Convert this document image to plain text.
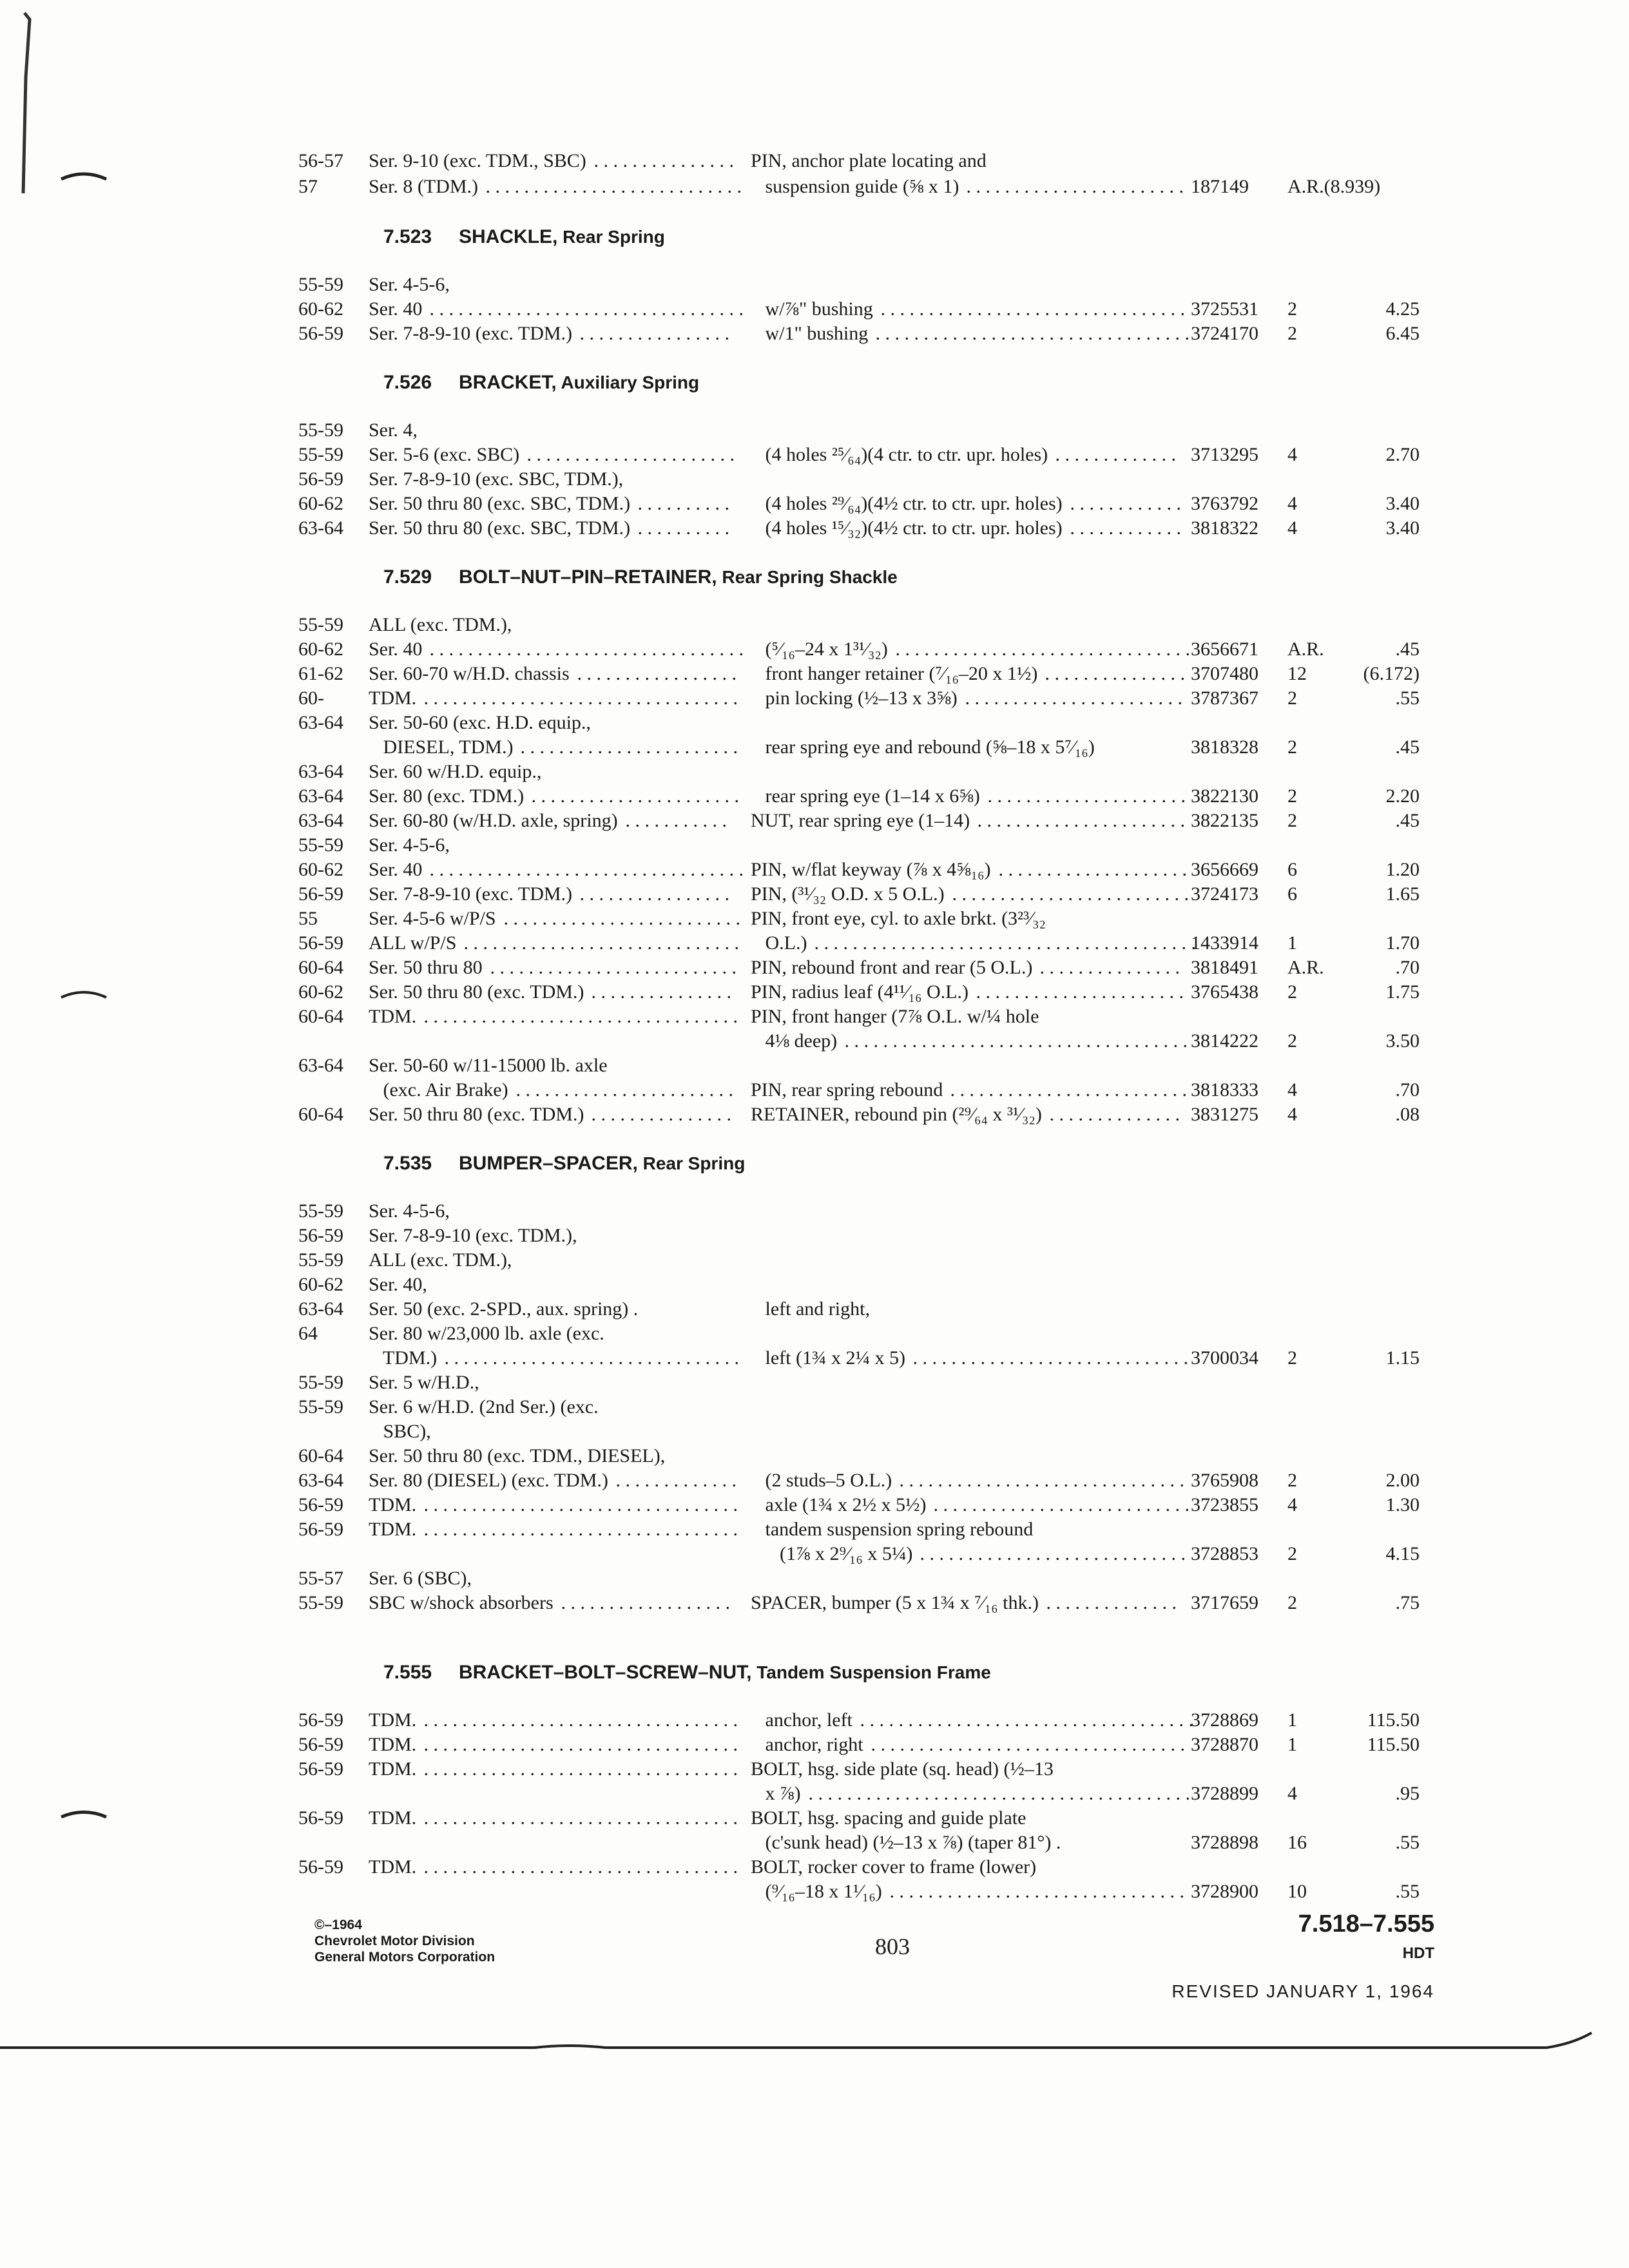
56-57 Ser. 9-10 (exc. TDM., SBC)	PIN, anchor plate locating and
. . . . . . . . . . . . . . .
57	Ser. 8 (TDM.)	suspension guide (⅝ x 1)	187149 A.R.(8.939)
. . . . . . . . . . . . . . . . . . . . . . . . . . .	. . . . . . . . . . . . . . . . . . . . . . .
7.523 SHACKLE, Rear Spring
55-59 Ser. 4-5-6,
60-62 Ser. 40	w/⅞" bushing	3725531 2	4.25
. . . . . . . . . . . . . . . . . . . . . . . . . . . . . . . . .	. . . . . . . . . . . . . . . . . . . . . . . . . . . . . . . .
56-59 Ser. 7-8-9-10 (exc. TDM.)	w/1" bushing	3724170 2	6.45
. . . . . . . . . . . . . . . .	. . . . . . . . . . . . . . . . . . . . . . . . . . . . . . . . .
7.526 BRACKET, Auxiliary Spring
55-59 Ser. 4,
55-59 Ser. 5-6 (exc. SBC)	(4 holes ²⁵⁄₆₄)(4 ctr. to ctr. upr. holes)	3713295 4	2.70
. . . . . . . . . . . . . . . . . . . . . .	. . . . . . . . . . . . .
56-59 Ser. 7-8-9-10 (exc. SBC, TDM.),
60-62 Ser. 50 thru 80 (exc. SBC, TDM.)	(4 holes ²⁹⁄₆₄)(4½ ctr. to ctr. upr. holes)	3763792 4	3.40
. . . . . . . . . .	. . . . . . . . . . . .
63-64 Ser. 50 thru 80 (exc. SBC, TDM.)	(4 holes ¹⁵⁄₃₂)(4½ ctr. to ctr. upr. holes)	3818322 4	3.40
. . . . . . . . . .	. . . . . . . . . . . .
7.529 BOLT–NUT–PIN–RETAINER, Rear Spring Shackle
55-59 ALL (exc. TDM.),
60-62 Ser. 40	(⁵⁄₁₆–24 x 1³¹⁄₃₂)	3656671 A.R.	.45
. . . . . . . . . . . . . . . . . . . . . . . . . . . . . . . . .	. . . . . . . . . . . . . . . . . . . . . . . . . . . . . . .
61-62 Ser. 60-70 w/H.D. chassis	front hanger retainer (⁷⁄₁₆–20 x 1½)	3707480 12	(6.172)
. . . . . . . . . . . . . . . . .	. . . . . . . . . . . . . . .
60- TDM.	pin locking (½–13 x 3⅝)	3787367 2	.55
. . . . . . . . . . . . . . . . . . . . . . . . . . . . . . . . .	. . . . . . . . . . . . . . . . . . . . . . .
63-64 Ser. 50-60 (exc. H.D. equip.,
DIESEL, TDM.)	rear spring eye and rebound (⅝–18 x 5⁷⁄₁₆)	3818328 2	.45
. . . . . . . . . . . . . . . . . . . . . . .
63-64 Ser. 60 w/H.D. equip.,
63-64 Ser. 80 (exc. TDM.)	rear spring eye (1–14 x 6⅝)	3822130 2	2.20
. . . . . . . . . . . . . . . . . . . . . .	. . . . . . . . . . . . . . . . . . . . .
63-64 Ser. 60-80 (w/H.D. axle, spring)	NUT, rear spring eye (1–14)	3822135 2	.45
. . . . . . . . . . .	. . . . . . . . . . . . . . . . . . . . . .
55-59 Ser. 4-5-6,
60-62 Ser. 40	PIN, w/flat keyway (⅞ x 4⅝₁₆)	3656669 6	1.20
. . . . . . . . . . . . . . . . . . . . . . . . . . . . . . . . .	. . . . . . . . . . . . . . . . . . . .
56-59 Ser. 7-8-9-10 (exc. TDM.)	PIN, (³¹⁄₃₂ O.D. x 5 O.L.)	3724173 6	1.65
. . . . . . . . . . . . . . . .	. . . . . . . . . . . . . . . . . . . . . . . . .
55	Ser. 4-5-6 w/P/S	PIN, front eye, cyl. to axle brkt. (3²³⁄₃₂
. . . . . . . . . . . . . . . . . . . . . . . . .
56-59 ALL w/P/S	O.L.)	1433914 1	1.70
. . . . . . . . . . . . . . . . . . . . . . . . . . . . .	. . . . . . . . . . . . . . . . . . . . . . . . . . . . . . . . . . . . . . . .
60-64 Ser. 50 thru 80	PIN, rebound front and rear (5 O.L.)	3818491 A.R.	.70
. . . . . . . . . . . . . . . . . . . . . . . . . .	. . . . . . . . . . . . . . .
60-62 Ser. 50 thru 80 (exc. TDM.)	PIN, radius leaf (4¹¹⁄₁₆ O.L.)	3765438 2	1.75
. . . . . . . . . . . . . . .	. . . . . . . . . . . . . . . . . . . . . .
60-64 TDM.	PIN, front hanger (7⅞ O.L. w/¼ hole
. . . . . . . . . . . . . . . . . . . . . . . . . . . . . . . . .
4⅛ deep)	3814222 2	3.50
. . . . . . . . . . . . . . . . . . . . . . . . . . . . . . . . . . . .
63-64 Ser. 50-60 w/11-15000 lb. axle
(exc. Air Brake)	PIN, rear spring rebound	3818333 4	.70
. . . . . . . . . . . . . . . . . . . . . . .	. . . . . . . . . . . . . . . . . . . . . . . . .
60-64 Ser. 50 thru 80 (exc. TDM.)	RETAINER, rebound pin (²⁹⁄₆₄ x ³¹⁄₃₂)	3831275 4	.08
. . . . . . . . . . . . . . .	. . . . . . . . . . . . . .
7.535 BUMPER–SPACER, Rear Spring
55-59 Ser. 4-5-6,
56-59 Ser. 7-8-9-10 (exc. TDM.),
55-59 ALL (exc. TDM.),
60-62 Ser. 40,
63-64 Ser. 50 (exc. 2-SPD., aux. spring) .	left and right,
64	Ser. 80 w/23,000 lb. axle (exc.
TDM.)	left (1¾ x 2¼ x 5)	3700034 2	1.15
. . . . . . . . . . . . . . . . . . . . . . . . . . . . . . .	. . . . . . . . . . . . . . . . . . . . . . . . . . . . .
55-59 Ser. 5 w/H.D.,
55-59 Ser. 6 w/H.D. (2nd Ser.) (exc.
SBC),
60-64 Ser. 50 thru 80 (exc. TDM., DIESEL),
63-64 Ser. 80 (DIESEL) (exc. TDM.)	(2 studs–5 O.L.)	3765908 2	2.00
. . . . . . . . . . . . .	. . . . . . . . . . . . . . . . . . . . . . . . . . . . . .
56-59 TDM.	axle (1¾ x 2½ x 5½)	3723855 4	1.30
. . . . . . . . . . . . . . . . . . . . . . . . . . . . . . . . .	. . . . . . . . . . . . . . . . . . . . . . . . . . .
56-59 TDM.	tandem suspension spring rebound
. . . . . . . . . . . . . . . . . . . . . . . . . . . . . . . . .
(1⅞ x 2⁹⁄₁₆ x 5¼)	3728853 2	4.15
. . . . . . . . . . . . . . . . . . . . . . . . . . . .
55-57 Ser. 6 (SBC),
55-59 SBC w/shock absorbers	SPACER, bumper (5 x 1¾ x ⁷⁄₁₆ thk.)	3717659 2	.75
. . . . . . . . . . . . . . . . . .	. . . . . . . . . . . . . .
7.555 BRACKET–BOLT–SCREW–NUT, Tandem Suspension Frame
56-59 TDM.	anchor, left	3728869 1	115.50
. . . . . . . . . . . . . . . . . . . . . . . . . . . . . . . . .	. . . . . . . . . . . . . . . . . . . . . . . . . . . . . . . . . . .
56-59 TDM.	anchor, right	3728870 1	115.50
. . . . . . . . . . . . . . . . . . . . . . . . . . . . . . . . .	. . . . . . . . . . . . . . . . . . . . . . . . . . . . . . . . .
56-59 TDM.	BOLT, hsg. side plate (sq. head) (½–13
. . . . . . . . . . . . . . . . . . . . . . . . . . . . . . . . .
x ⅞)	3728899 4	.95
. . . . . . . . . . . . . . . . . . . . . . . . . . . . . . . . . . . . . . . .
56-59 TDM.	BOLT, hsg. spacing and guide plate
. . . . . . . . . . . . . . . . . . . . . . . . . . . . . . . . .
(c'sunk head) (½–13 x ⅞) (taper 81°) .	3728898 16	.55
56-59 TDM.	BOLT, rocker cover to frame (lower)
. . . . . . . . . . . . . . . . . . . . . . . . . . . . . . . . .
(⁹⁄₁₆–18 x 1¹⁄₁₆)	3728900 10	.55
. . . . . . . . . . . . . . . . . . . . . . . . . . . . . . .
©–1964
Chevrolet Motor Division
General Motors Corporation	803
7.518–7.555
HDT
REVISED JANUARY 1, 1964
